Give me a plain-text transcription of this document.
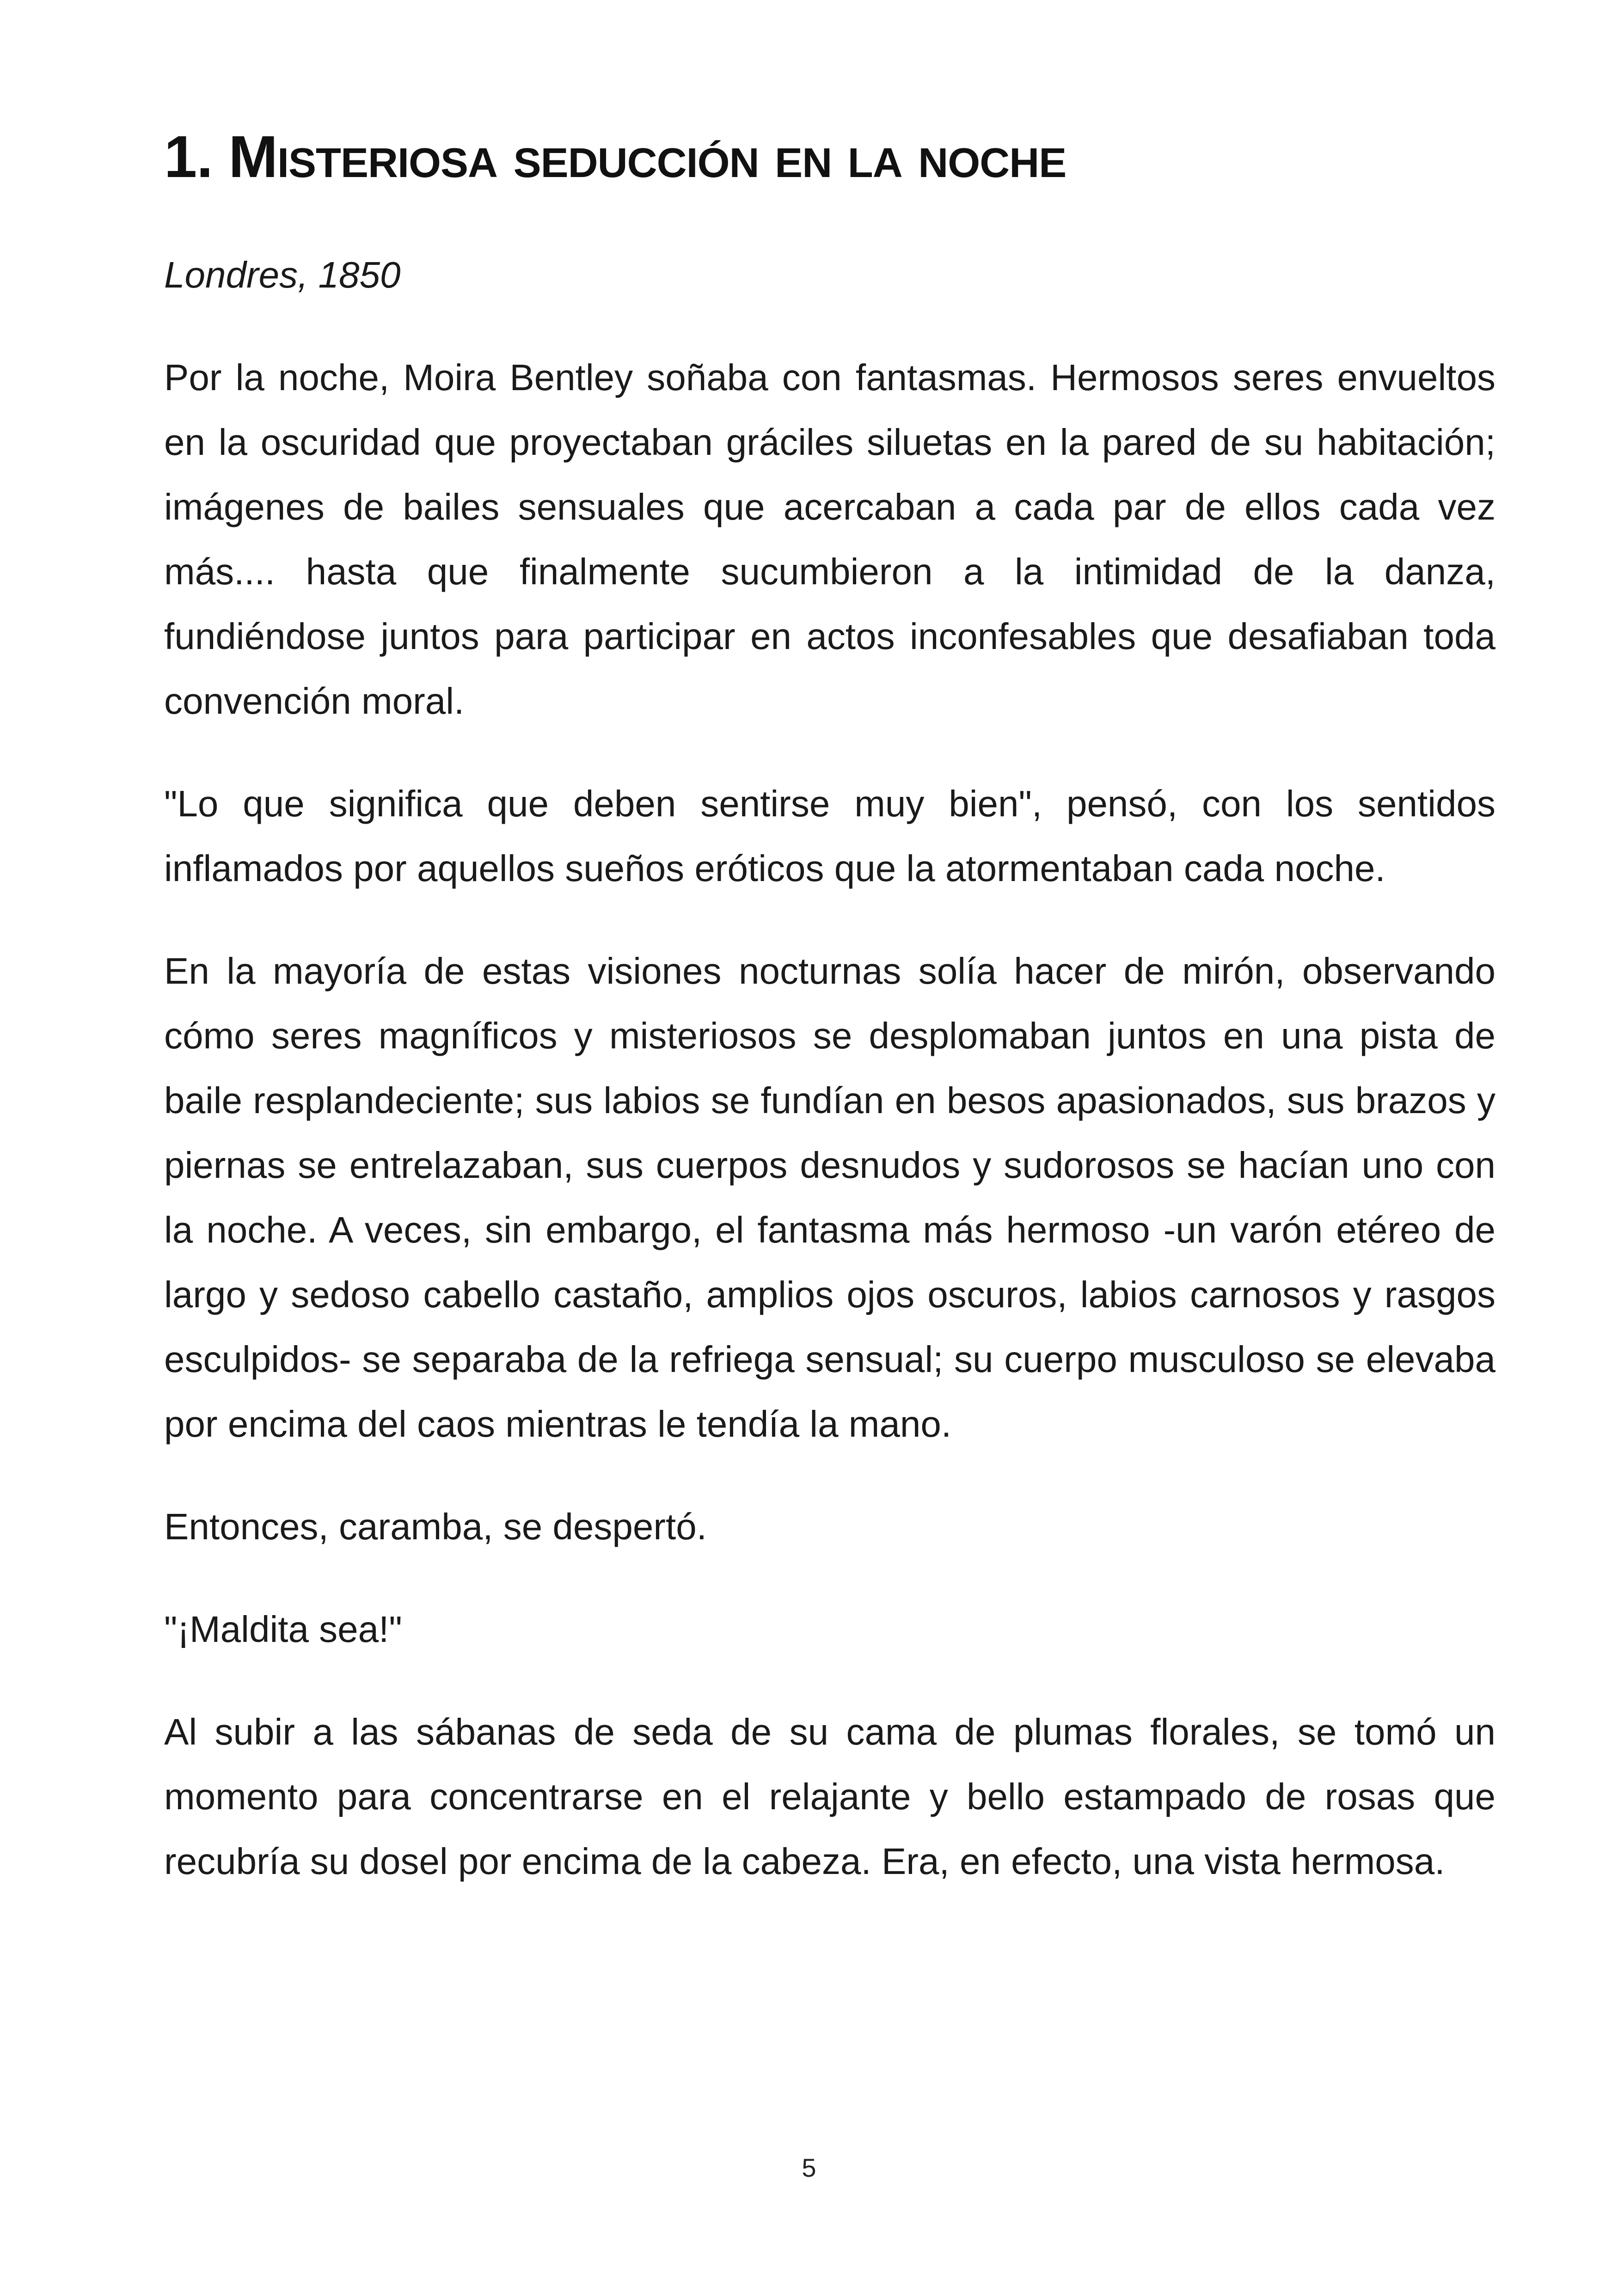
1. Misteriosa seducción en la noche

Londres, 1850

Por la noche, Moira Bentley soñaba con fantasmas. Hermosos seres envueltos en la oscuridad que proyectaban gráciles siluetas en la pared de su habitación; imágenes de bailes sensuales que acercaban a cada par de ellos cada vez más.... hasta que finalmente sucumbieron a la intimidad de la danza, fundiéndose juntos para participar en actos inconfesables que desafiaban toda convención moral.

"Lo que significa que deben sentirse muy bien", pensó, con los sentidos inflamados por aquellos sueños eróticos que la atormentaban cada noche.

En la mayoría de estas visiones nocturnas solía hacer de mirón, observando cómo seres magníficos y misteriosos se desplomaban juntos en una pista de baile resplandeciente; sus labios se fundían en besos apasionados, sus brazos y piernas se entrelazaban, sus cuerpos desnudos y sudorosos se hacían uno con la noche. A veces, sin embargo, el fantasma más hermoso -un varón etéreo de largo y sedoso cabello castaño, amplios ojos oscuros, labios carnosos y rasgos esculpidos- se separaba de la refriega sensual; su cuerpo musculoso se elevaba por encima del caos mientras le tendía la mano.

Entonces, caramba, se despertó.

"¡Maldita sea!"

Al subir a las sábanas de seda de su cama de plumas florales, se tomó un momento para concentrarse en el relajante y bello estampado de rosas que recubría su dosel por encima de la cabeza. Era, en efecto, una vista hermosa.

5
